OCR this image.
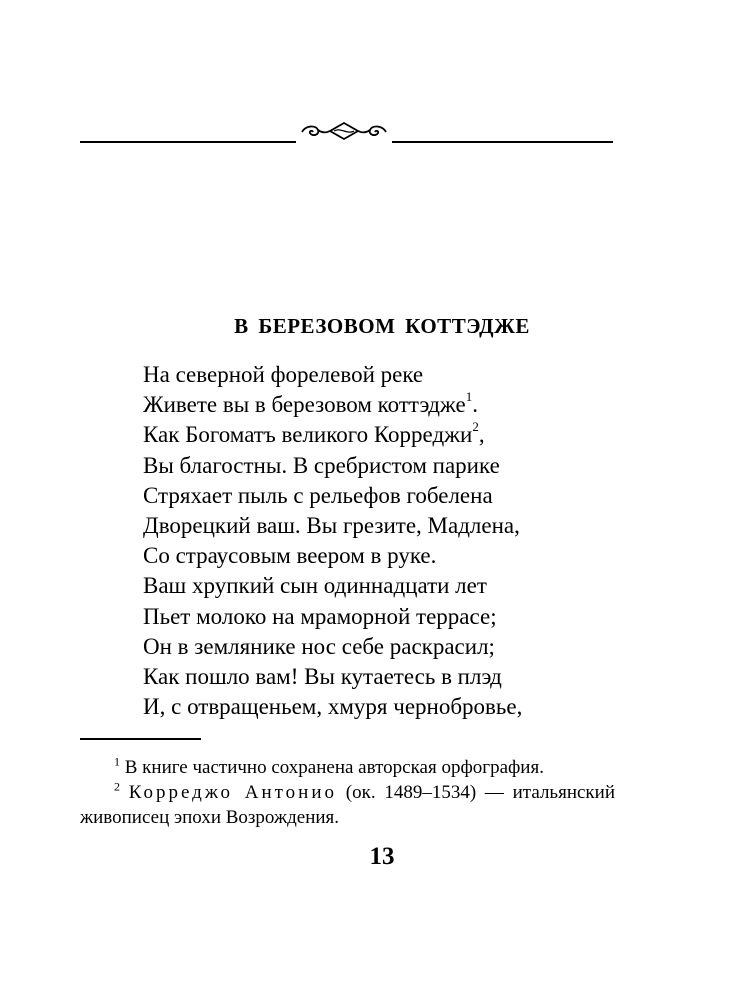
В БЕРЕЗОВОМ КОТТЭДЖЕ
На северной форелевой реке
Живете вы в березовом коттэдже$^1$.
Как Богоматъ великого Корреджи$^2$,
Вы благостны. В сребристом парике
Стряхает пыль с рельефов гобелена
Дворецкий ваш. Вы грезите, Мадлена,
Со страусовым веером в руке.
Ваш хрупкий сын одиннадцати лет
Пьет молоко на мраморной террасе;
Он в землянике нос себе раскрасил;
Как пошло вам! Вы кутаетесь в плэд
И, с отвращеньем, хмуря чернобровье,

$^1$ В книге частично сохранена авторская орфография.

$^2$ Корреджо Антонио (ок. 1489–1534) — итальянский живописец эпохи Возрождения.

13
